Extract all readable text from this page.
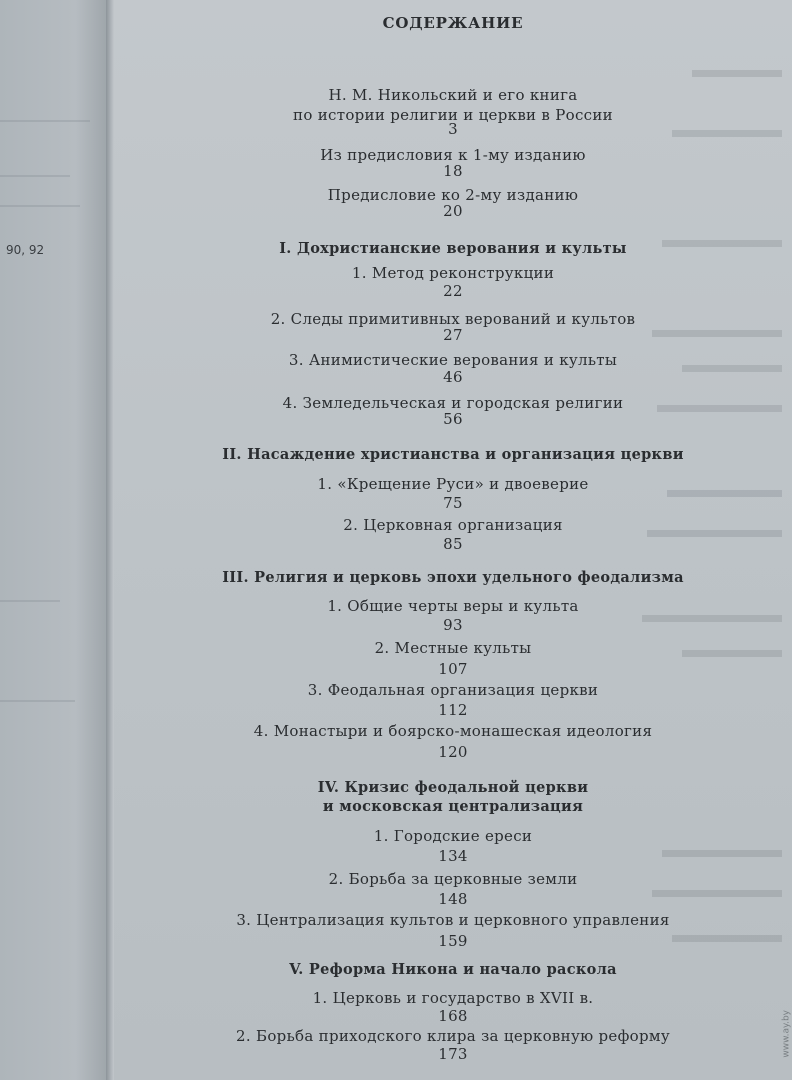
90, 92
СОДЕРЖАНИЕ
Н. М. Никольский и его книга
по истории религии и церкви в России
3
Из предисловия к 1-му изданию
18
Предисловие ко 2-му изданию
20
I. Дохристианские верования и культы
1. Метод реконструкции
22
2. Следы примитивных верований и культов
27
3. Анимистические верования и культы
46
4. Земледельческая и городская религии
56
II. Насаждение христианства и организация церкви
1. «Крещение Руси» и двоеверие
75
2. Церковная организация
85
III. Религия и церковь эпохи удельного феодализма
1. Общие черты веры и культа
93
2. Местные культы
107
3. Феодальная организация церкви
112
4. Монастыри и боярско-монашеская идеология
120
IV. Кризис феодальной церкви
и московская централизация
1. Городские ереси
134
2. Борьба за церковные земли
148
3. Централизация культов и церковного управления
159
V. Реформа Никона и начало раскола
1. Церковь и государство в XVII в.
168
2. Борьба приходского клира за церковную реформу
173	www.ay.by
